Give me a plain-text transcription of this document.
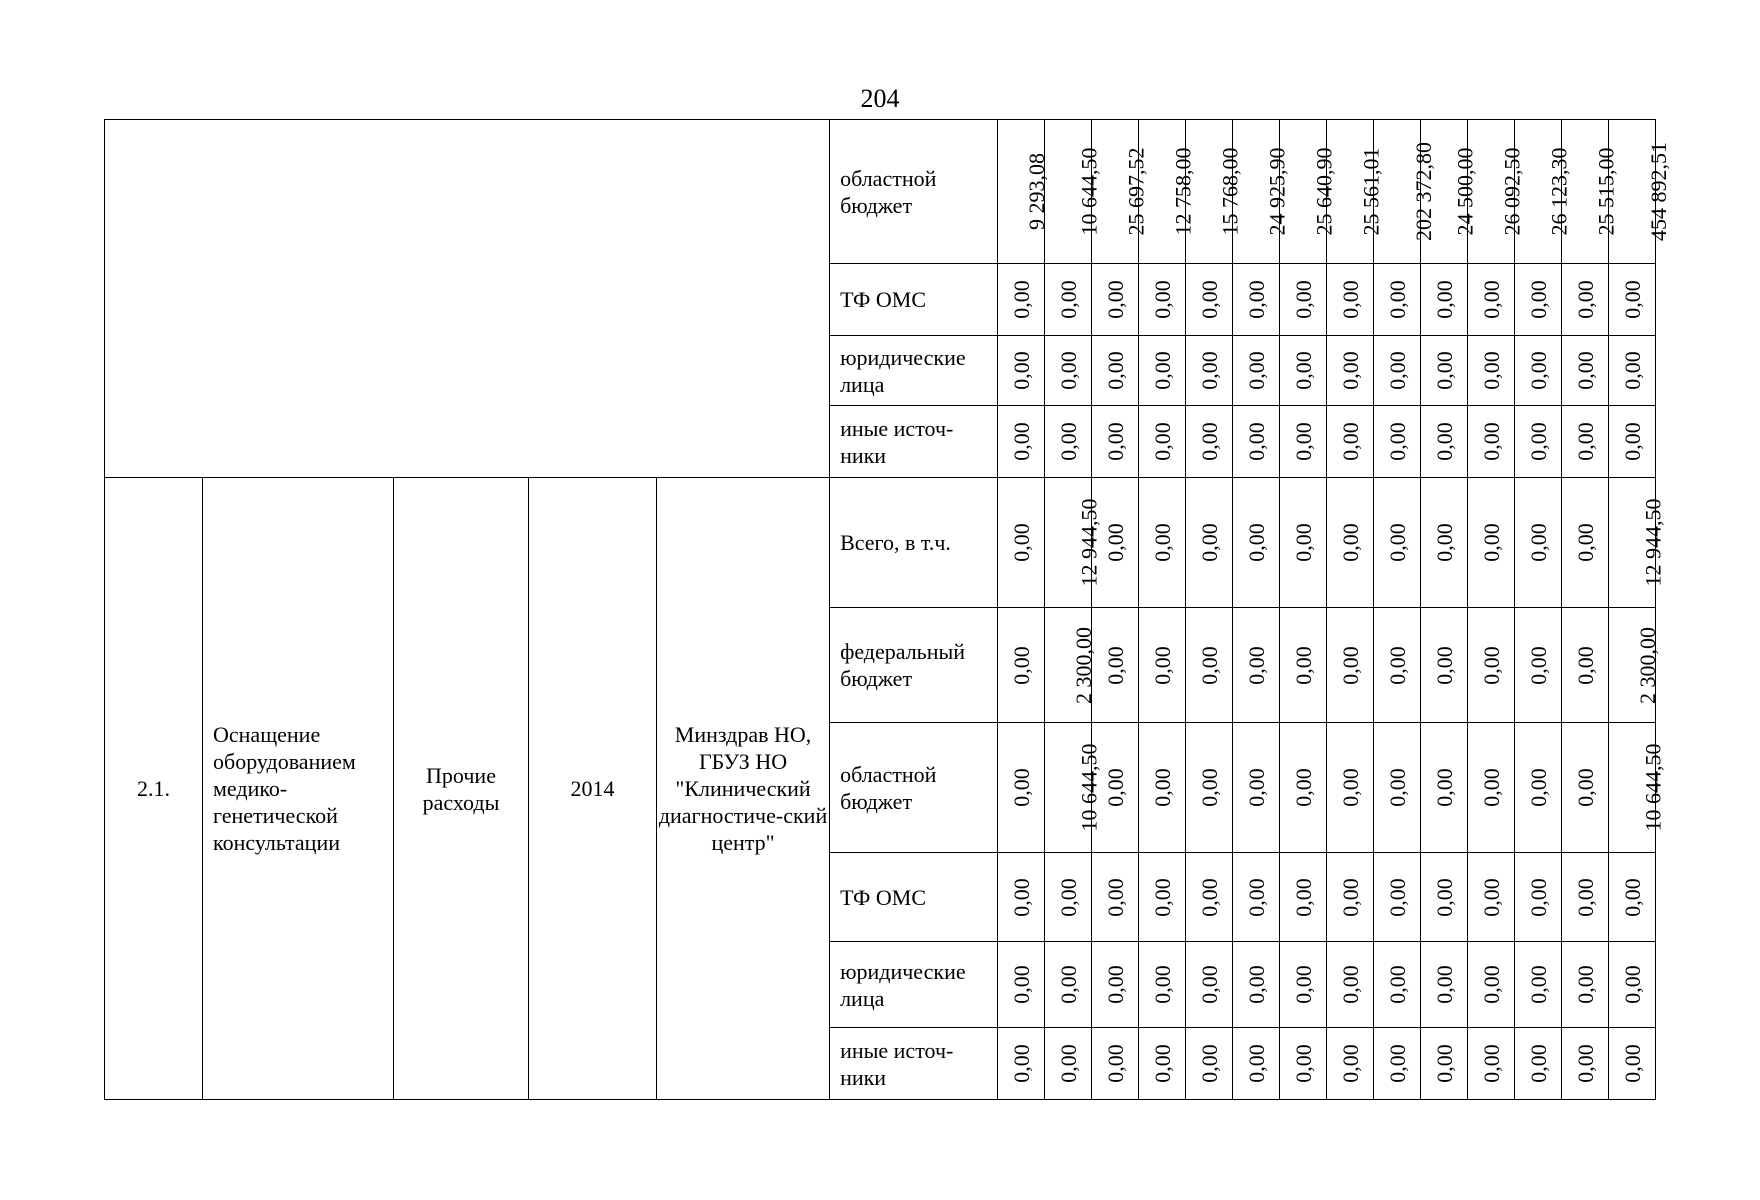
204
					областной бюджет	9 293,08	10 644,50	25 697,52	12 758,00	15 768,00	24 925,90	25 640,90	25 561,01	202 372,80	24 500,00	26 092,50	26 123,30	25 515,00	454 892,51
					ТФ ОМС	0,00	0,00	0,00	0,00	0,00	0,00	0,00	0,00	0,00	0,00	0,00	0,00	0,00	0,00
					юридические лица	0,00	0,00	0,00	0,00	0,00	0,00	0,00	0,00	0,00	0,00	0,00	0,00	0,00	0,00
					иные источ-ники	0,00	0,00	0,00	0,00	0,00	0,00	0,00	0,00	0,00	0,00	0,00	0,00	0,00	0,00
2.1.	Оснащение оборудованием медико-генетической консультации	Прочие расходы	2014	Минздрав НО, ГБУЗ НО "Клинический диагностиче-ский центр"	Всего, в т.ч.	0,00	12 944,50	0,00	0,00	0,00	0,00	0,00	0,00	0,00	0,00	0,00	0,00	0,00	12 944,50
					федеральный бюджет	0,00	2 300,00	0,00	0,00	0,00	0,00	0,00	0,00	0,00	0,00	0,00	0,00	0,00	2 300,00
					областной бюджет	0,00	10 644,50	0,00	0,00	0,00	0,00	0,00	0,00	0,00	0,00	0,00	0,00	0,00	10 644,50
					ТФ ОМС	0,00	0,00	0,00	0,00	0,00	0,00	0,00	0,00	0,00	0,00	0,00	0,00	0,00	0,00
					юридические лица	0,00	0,00	0,00	0,00	0,00	0,00	0,00	0,00	0,00	0,00	0,00	0,00	0,00	0,00
					иные источ-ники	0,00	0,00	0,00	0,00	0,00	0,00	0,00	0,00	0,00	0,00	0,00	0,00	0,00	0,00
